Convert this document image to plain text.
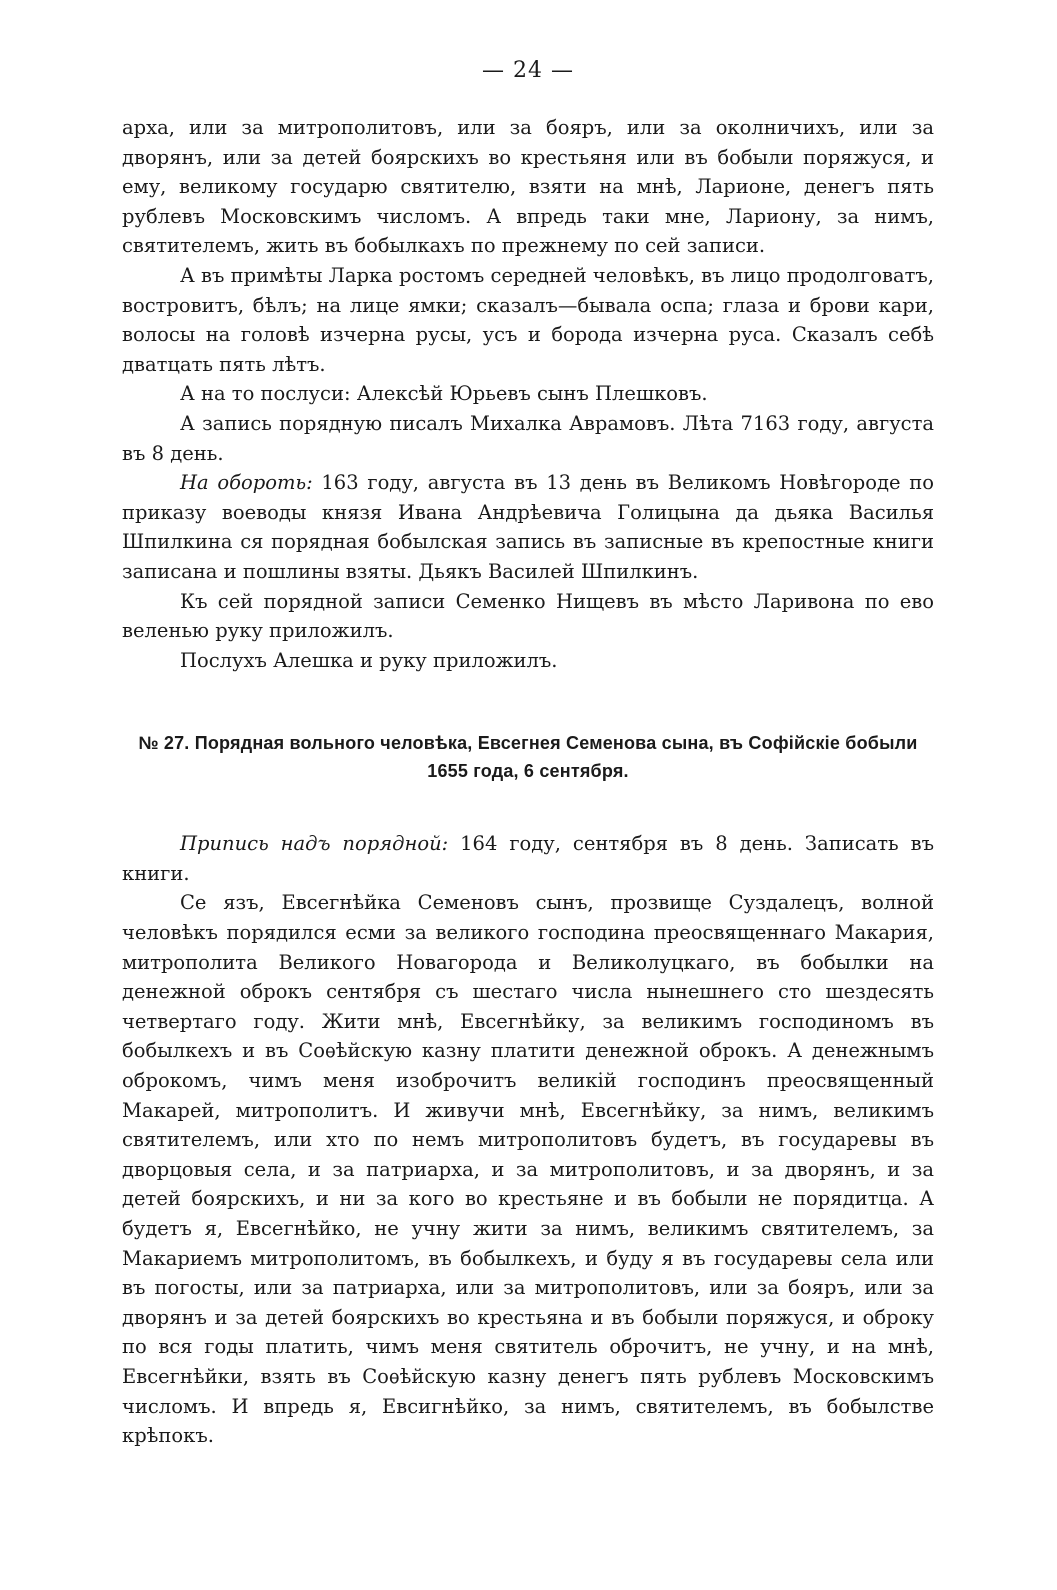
— 24 —

арха, или за митрополитовъ, или за бояръ, или за околничихъ, или за дворянъ, или за детей боярскихъ во крестьяня или въ бобыли поряжуся, и ему, великому государю святителю, взяти на мнѣ, Ларионе, денегъ пять рублевъ Московскимъ числомъ. А впредь таки мне, Лариону, за нимъ, святителемъ, жить въ бобылкахъ по прежнему по сей записи.

А въ примѣты Ларка ростомъ середней человѣкъ, въ лицо продолговатъ, востровитъ, бѣлъ; на лице ямки; сказалъ—бывала оспа; глаза и брови кари, волосы на головѣ изчерна русы, усъ и борода изчерна руса. Сказалъ себѣ дватцать пять лѣтъ.

А на то послуси: Алексѣй Юрьевъ сынъ Плешковъ.

А запись порядную писалъ Михалка Аврамовъ. Лѣта 7163 году, августа въ 8 день.

На обороть: 163 году, августа въ 13 день въ Великомъ Новѣгороде по приказу воеводы князя Ивана Андрѣевича Голицына да дьяка Василья Шпилкина ся порядная бобылская запись въ записные въ крепостные книги записана и пошлины взяты. Дьякъ Василей Шпилкинъ.

Къ сей порядной записи Семенко Нищевъ въ мѣсто Ларивона по ево веленью руку приложилъ.

Послухъ Алешка и руку приложилъ.

№ 27. Порядная вольного человѣка, Евсегнея Семенова сына, въ Софійскіе бобыли
1655 года, 6 сентября.

Припись надъ порядной: 164 году, сентября въ 8 день. Записать въ книги.

Се язъ, Евсегнѣйка Семеновъ сынъ, прозвище Суздалецъ, волной человѣкъ порядился есми за великого господина преосвященнаго Макария, митрополита Великого Новагорода и Великолуцкаго, въ бобылки на денежной оброкъ сентября съ шестаго числа нынешнего сто шездесять четвертаго году. Жити мнѣ, Евсегнѣйку, за великимъ господиномъ въ бобылкехъ и въ Соѳѣйскую казну платити денежной оброкъ. А денежнымъ оброкомъ, чимъ меня изоброчитъ великій господинъ преосвященный Макарей, митрополитъ. И живучи мнѣ, Евсегнѣйку, за нимъ, великимъ святителемъ, или хто по немъ митрополитовъ будетъ, въ государевы въ дворцовыя села, и за патриарха, и за митрополитовъ, и за дворянъ, и за детей боярскихъ, и ни за кого во крестьяне и въ бобыли не порядитца. А будетъ я, Евсегнѣйко, не учну жити за нимъ, великимъ святителемъ, за Макариемъ митрополитомъ, въ бобылкехъ, и буду я въ государевы села или въ погосты, или за патриарха, или за митрополитовъ, или за бояръ, или за дворянъ и за детей боярскихъ во крестьяна и въ бобыли поряжуся, и оброку по вся годы платить, чимъ меня святитель оброчитъ, не учну, и на мнѣ, Евсегнѣйки, взять въ Соѳѣйскую казну денегъ пять рублевъ Московскимъ числомъ. И впредь я, Евсигнѣйко, за нимъ, святителемъ, въ бобылстве крѣпокъ.
